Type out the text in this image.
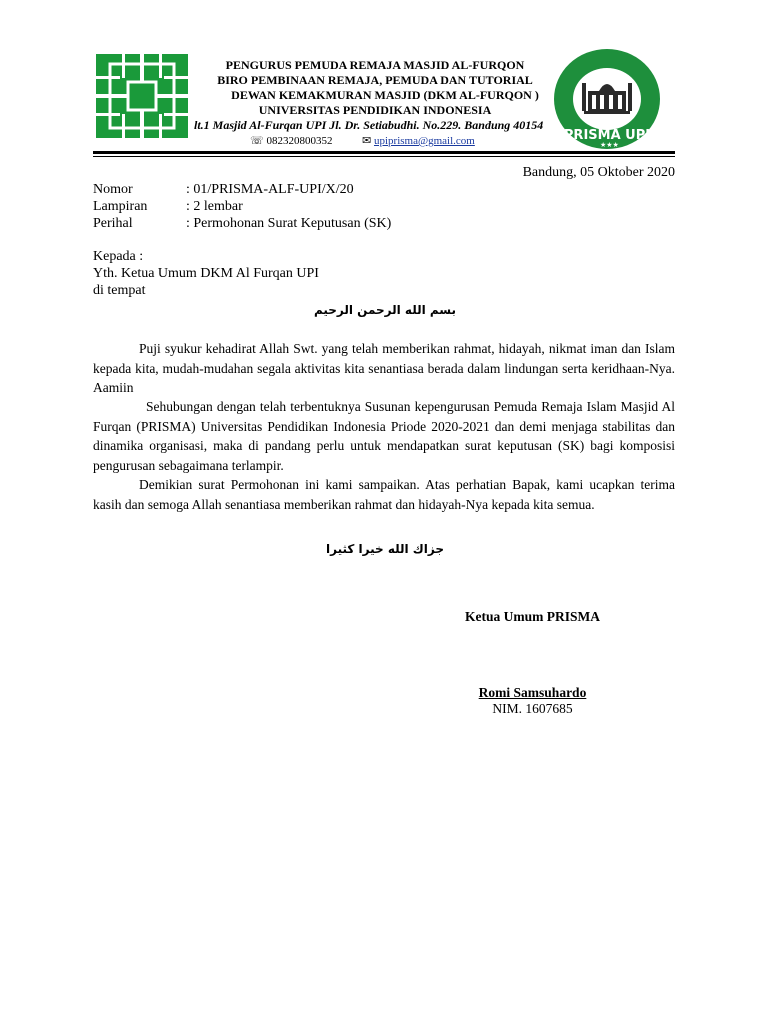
PRISMA UPI
★★★
PENGURUS PEMUDA REMAJA MASJID AL-FURQON
BIRO PEMBINAAN REMAJA, PEMUDA DAN TUTORIAL
DEWAN KEMAKMURAN MASJID (DKM AL-FURQON )
UNIVERSITAS PENDIDIKAN INDONESIA
lt.1 Masjid Al-Furqan UPI Jl. Dr. Setiabudhi. No.229. Bandung 40154
☏ 082320800352	✉ upiprisma@gmail.com
Bandung, 05 Oktober 2020
Nomor	: 01/PRISMA-ALF-UPI/X/20
Lampiran	: 2 lembar
Perihal	: Permohonan Surat Keputusan (SK)
Kepada :
Yth. Ketua Umum DKM Al Furqan UPI
di tempat
بسم الله الرحمن الرحيم
Puji syukur kehadirat Allah Swt. yang telah memberikan rahmat, hidayah, nikmat iman dan Islam kepada kita, mudah-mudahan segala aktivitas kita senantiasa berada dalam lindungan serta keridhaan-Nya. Aamiin
Sehubungan dengan telah terbentuknya Susunan kepengurusan Pemuda Remaja Islam Masjid Al Furqan (PRISMA) Universitas Pendidikan Indonesia Priode 2020-2021 dan demi menjaga stabilitas dan dinamika organisasi, maka di pandang perlu untuk mendapatkan surat keputusan (SK) bagi komposisi pengurusan sebagaimana terlampir.
Demikian surat Permohonan ini kami sampaikan. Atas perhatian Bapak, kami ucapkan terima kasih dan semoga Allah senantiasa memberikan rahmat dan hidayah-Nya kepada kita semua.
جزاك الله خيرا كثيرا
Ketua Umum PRISMA
Romi Samsuhardo
NIM. 1607685
